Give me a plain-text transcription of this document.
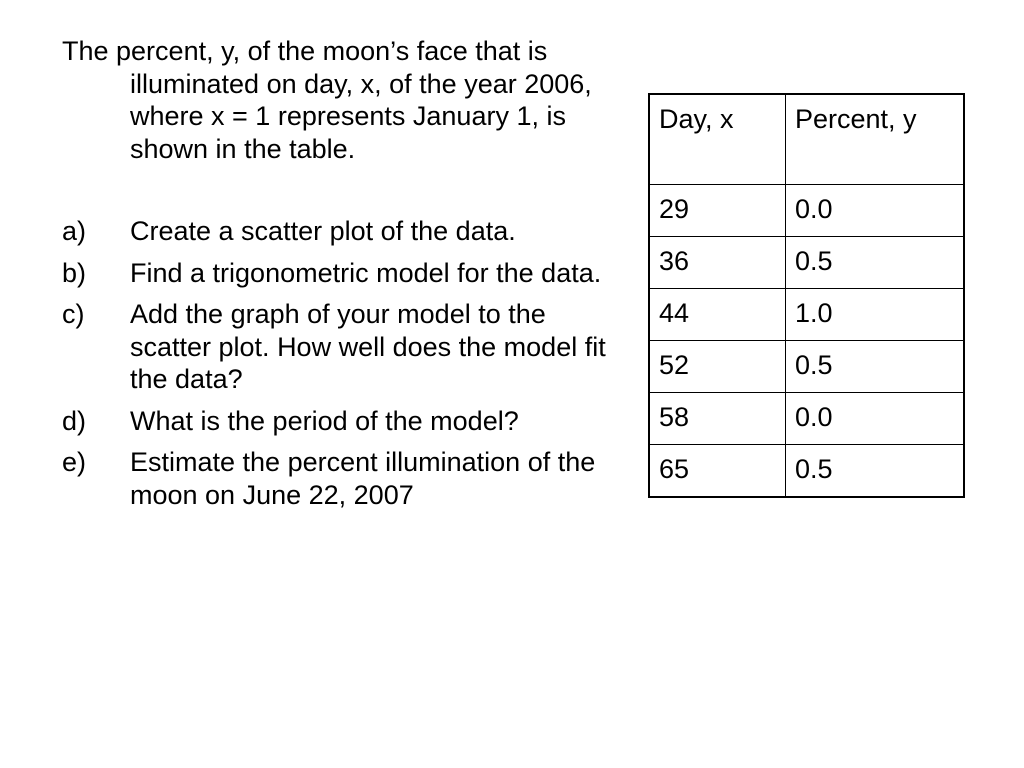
The percent, y, of the moon’s face that is illuminated on day, x, of the year 2006, where x = 1 represents January 1, is shown in the table.

a) Create a scatter plot of the data.
b) Find a trigonometric model for the data.
c) Add the graph of your model to the scatter plot. How well does the model fit the data?
d) What is the period of the model?
e) Estimate the percent illumination of the moon on June 22, 2007
Day, x	Percent, y
29	0.0
36	0.5
44	1.0
52	0.5
58	0.0
65	0.5
